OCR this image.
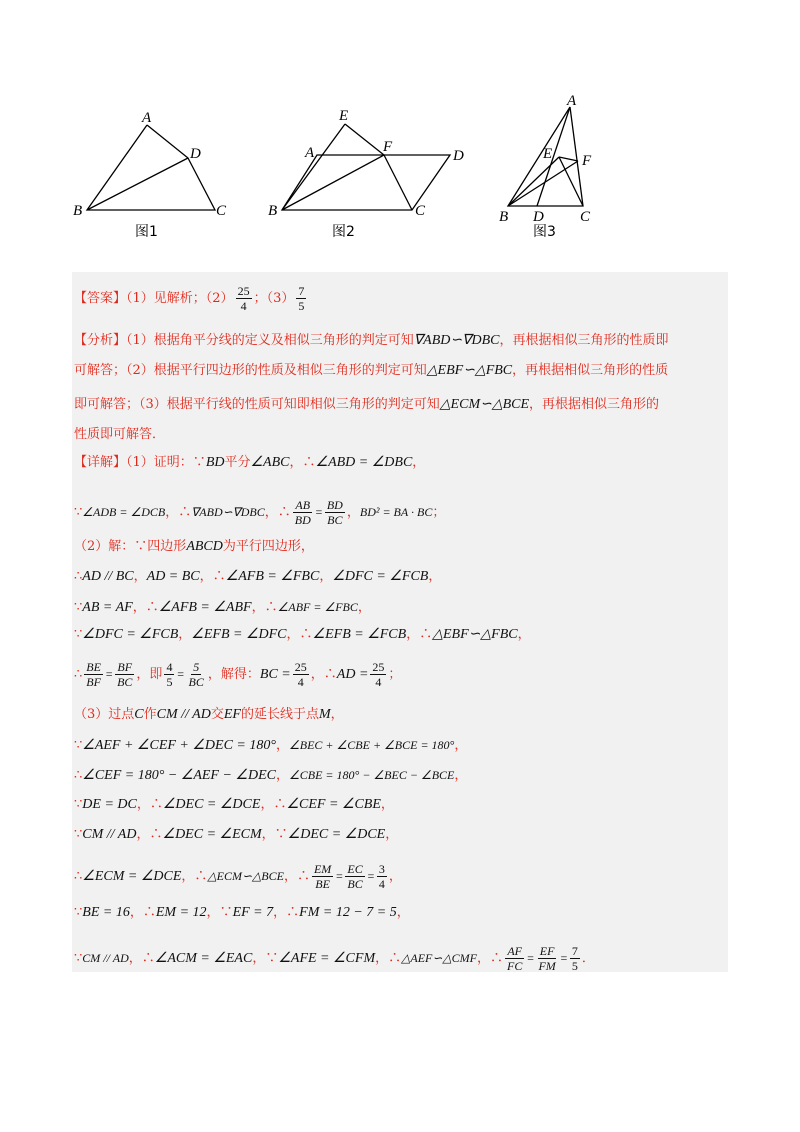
A
D
B	C
图1
E
A	F
D
B	C
图2
A
E F
B D C
图3
【答案】（1）见解析；$(2) \frac{25}{4}$ ；$(3) \frac{7}{5}$
【分析】（1）根据角平分线的定义及相似三角形的判定可知∇ABD∽∇DBC，再根据相似三角形的性质即
可解答；（2）根据平行四边形的性质及相似三角形的判定可知△EBF∽△FBC，再根据相似三角形的性质
即可解答；（3）根据平行线的性质可知即相似三角形的判定可知△ECM∽△BCE，再根据相似三角形的
性质即可解答．
【详解】（1）证明：∵BD平分∠ABC，∴∠ABD = ∠DBC，
∵∠ADB = ∠DCB，∴∇ABD∽∇DBC，∴ $\frac{AB}{BD} = \frac{BD}{BC}$ ，BD² = BA · BC；
（2）解：∵四边形ABCD为平行四边形，
∴AD // BC，AD = BC，∴∠AFB = ∠FBC，∠DFC = ∠FCB，
∵AB = AF，∴∠AFB = ∠ABF，∴∠ABF = ∠FBC，
∵∠DFC = ∠FCB，∠EFB = ∠DFC，∴∠EFB = ∠FCB，∴△EBF∽△FBC，
∴ $\frac{BE}{BF} = \frac{BF}{BC}$ ，即 $\frac{4}{5} = \frac{5}{BC}$ ，解得：BC = $\frac{25}{4}$ ，∴AD = $\frac{25}{4}$ ；
（3）过点C作CM // AD交EF的延长线于点M，
∵∠AEF + ∠CEF + ∠DEC = 180°，∠BEC + ∠CBE + ∠BCE = 180°，
∴∠CEF = 180° − ∠AEF − ∠DEC，∠CBE = 180° − ∠BEC − ∠BCE，
∵DE = DC，∴∠DEC = ∠DCE，∴∠CEF = ∠CBE，
∵CM // AD，∴∠DEC = ∠ECM，∵∠DEC = ∠DCE，
∴∠ECM = ∠DCE，∴△ECM∽△BCE，∴ $\frac{EM}{BE} = \frac{EC}{BC} = \frac{3}{4}$ ，
∵BE = 16，∴EM = 12，∵EF = 7，∴FM = 12 − 7 = 5，
∵CM // AD，∴∠ACM = ∠EAC，∵∠AFE = ∠CFM，∴△AEF∽△CMF，∴ $\frac{AF}{FC} = \frac{EF}{FM} = \frac{7}{5}$ ．
